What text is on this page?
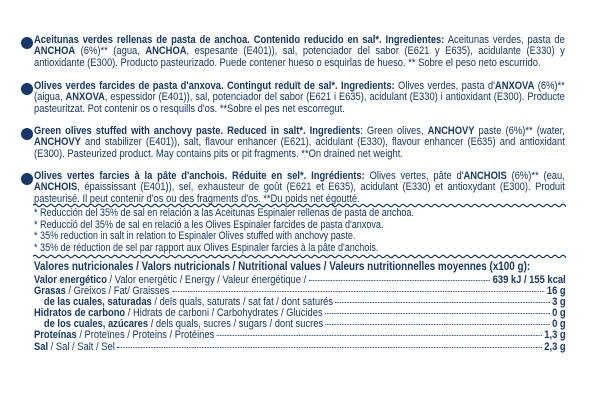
Aceitunas verdes rellenas de pasta de anchoa. Contenido reducido en sal*. Ingredientes: Aceitunas verdes, pasta de ANCHOA (6%)** (agua, ANCHOA, espesante (E401)), sal, potenciador del sabor (E621 y E635), acidulante (E330) y antioxidante (E300). Producto pasteurizado. Puede contener hueso o esquirlas de hueso. ** Sobre el peso neto escurrido.
Olives verdes farcides de pasta d'anxova. Contingut reduït de sal*. Ingredients: Olives verdes, pasta d'ANXOVA (6%)** (aigua, ANXOVA, espessidor (E401)), sal, potenciador del sabor (E621 i E635), acidulant (E330) i antioxidant (E300). Producte pasteuritzat. Pot contenir os o resquills d'os. **Sobre el pes net escorregut.
Green olives stuffed with anchovy paste. Reduced in salt*. Ingredients: Green olives, ANCHOVY paste (6%)** (water, ANCHOVY and stabilizer (E401)), salt, flavour enhancer (E621), acidulant (E330), flavour enhancer (E635) and antioxidant (E300). Pasteurized product. May contains pits or pit fragments. **On drained net weight.
Olives vertes farcies à la pâte d'anchois. Réduite en sel*. Ingrédients: Olives vertes, pâte d'ANCHOIS (6%)** (eau, ANCHOIS, épaississant (E401)), sel, exhausteur de goût (E621 et E635), acidulant (E330) et antioxydant (E300). Produit pasteurisé. Il peut contenir d'os ou des fragments d'os. **Du poids net égoutté.
* Reducción del 35% de sal en relación a las Aceitunas Espinaler rellenas de pasta de anchoa.
* Reducció del 35% de sal en relació a les Olives Espinaler farcides de pasta d'anxova.
* 35% reduction in salt in relation to Espinaler Olives stuffed with anchovy paste.
* 35% de réduction de sel par rapport aux Olives Espinaler farcies à la pâte d'anchois.
Valores nutricionales / Valors nutricionals / Nutritional values / Valeurs nutritionnelles moyennes (x100 g):
Valor energético / Valor energètic / Energy / Valeur énergétique /	639 kJ / 155 kcal
Grasas / Greixos / Fat/ Graisses	16 g
de las cuales, saturadas / dels quals, saturats / sat fat / dont saturés	3 g
Hidratos de carbono / Hidrats de carboni / Carbohydrates / Glucides	0 g
de los cuales, azúcares / dels quals, sucres / sugars / dont sucres	0 g
Proteínas / Proteïnes / Proteins / Protéines	1,3 g
Sal / Sal / Salt / Sel	2,3 g
